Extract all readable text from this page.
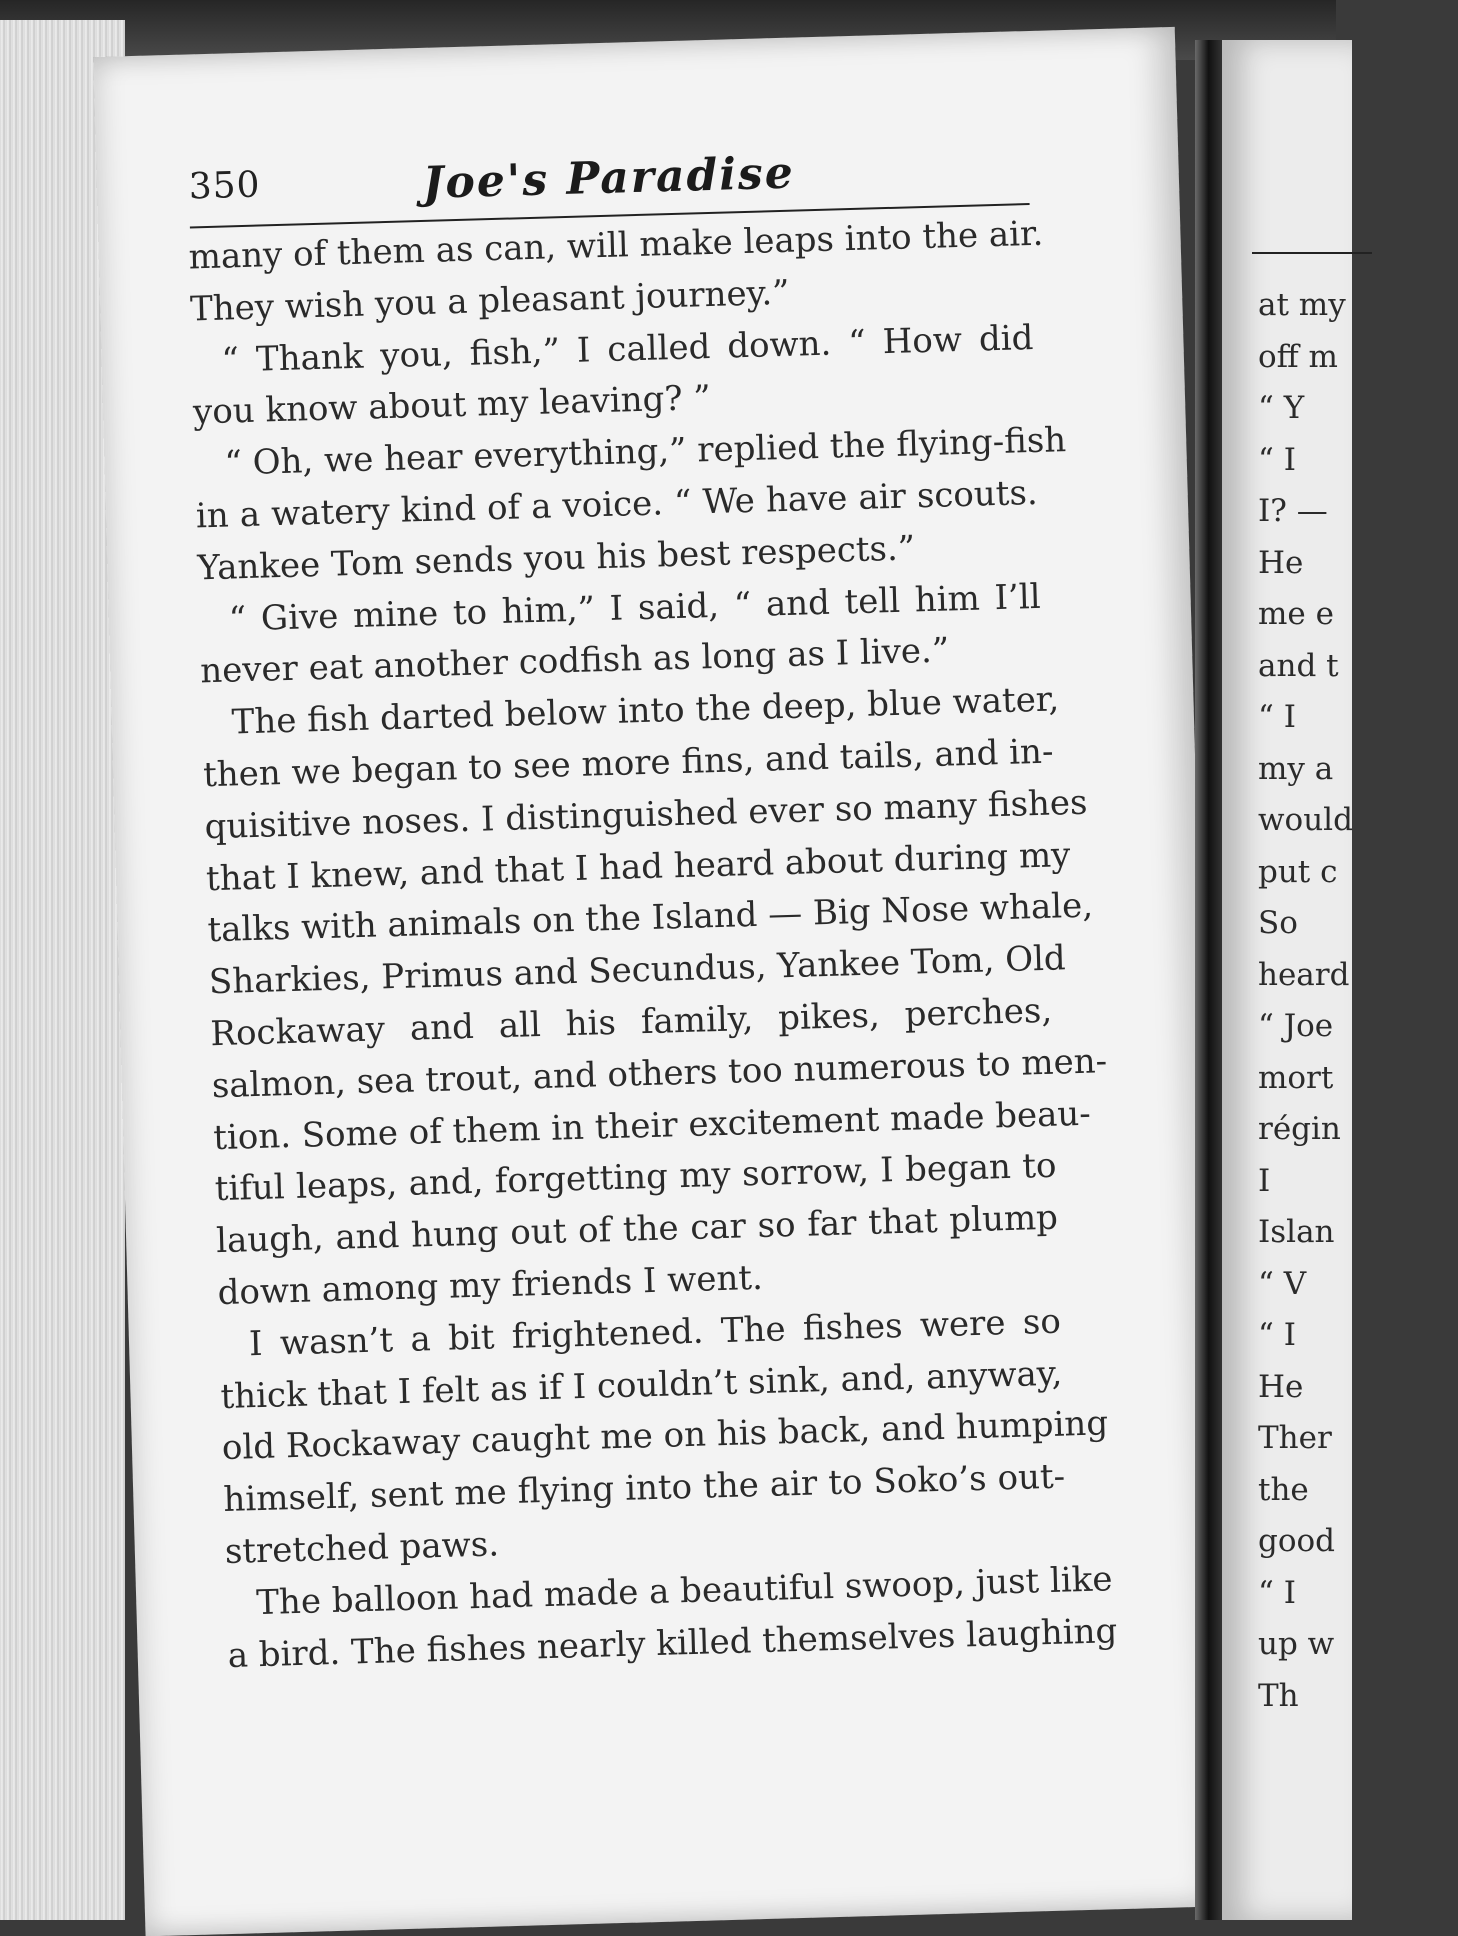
350	Joe's Paradise
many of them as can, will make leaps into the air.
They wish you a pleasant journey.”
“ Thank you, fish,” I called down. “ How did
you know about my leaving? ”
“ Oh, we hear everything,” replied the flying-fish
in a watery kind of a voice. “ We have air scouts.
Yankee Tom sends you his best respects.”
“ Give mine to him,” I said, “ and tell him I’ll
never eat another codfish as long as I live.”
The fish darted below into the deep, blue water,
then we began to see more fins, and tails, and in-
quisitive noses. I distinguished ever so many fishes
that I knew, and that I had heard about during my
talks with animals on the Island — Big Nose whale,
Sharkies, Primus and Secundus, Yankee Tom, Old
Rockaway and all his family, pikes, perches,
salmon, sea trout, and others too numerous to men-
tion. Some of them in their excitement made beau-
tiful leaps, and, forgetting my sorrow, I began to
laugh, and hung out of the car so far that plump
down among my friends I went.
I wasn’t a bit frightened. The fishes were so
thick that I felt as if I couldn’t sink, and, anyway,
old Rockaway caught me on his back, and humping
himself, sent me flying into the air to Soko’s out-
stretched paws.
The balloon had made a beautiful swoop, just like
a bird. The fishes nearly killed themselves laughing
at my
off m
“ Y
“ I
I? —
He
me e
and t
“ I
my a
would
put c
So
heard
“ Joe
mort
régin
I
Islan
“ V
“ I
He
Ther
the
good
“ I
up w
Th
